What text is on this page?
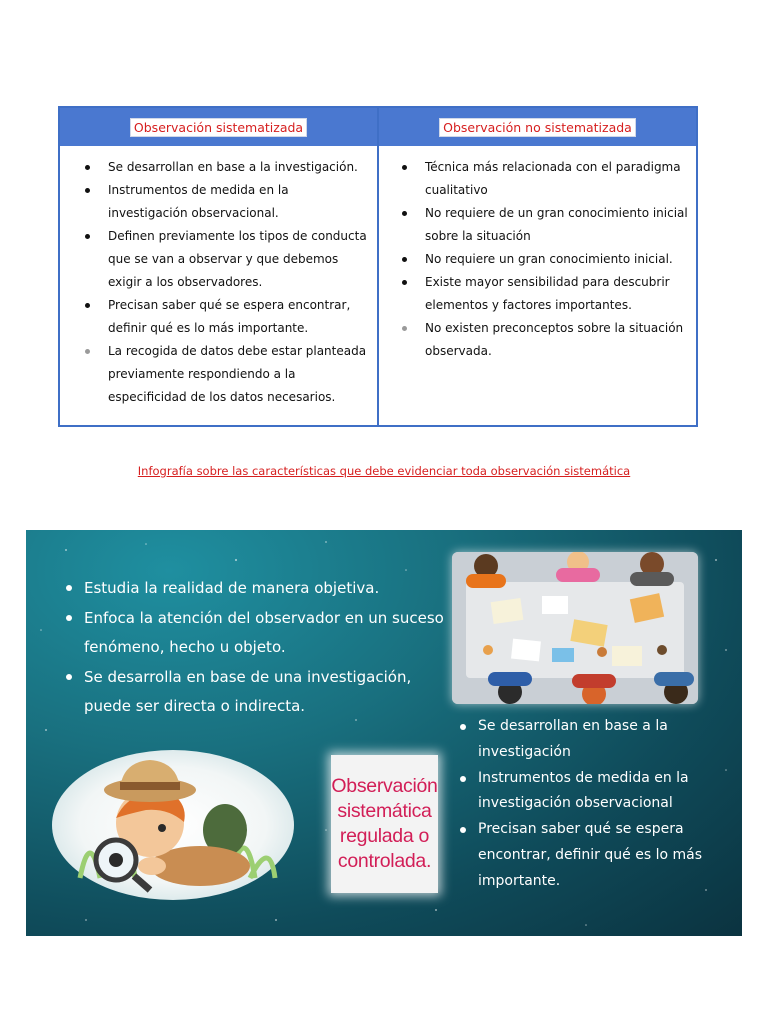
Observación sistematizada
Se desarrollan en base a la investigación.
Instrumentos de medida en la investigación observacional.
Definen previamente los tipos de conducta que se van a observar y que debemos exigir a los observadores.
Precisan saber qué se espera encontrar, definir qué es lo más importante.
La recogida de datos debe estar planteada previamente respondiendo a la especificidad de los datos necesarios.
Observación no sistematizada
Técnica más relacionada con el paradigma cualitativo
No requiere de un gran conocimiento inicial sobre la situación
No requiere un gran conocimiento inicial.
Existe mayor sensibilidad para descubrir elementos y factores importantes.
No existen preconceptos sobre la situación observada.
Infografía sobre las características que debe evidenciar toda observación sistemática
Estudia la realidad de manera objetiva.
Enfoca la atención del observador en un suceso fenómeno, hecho u objeto.
Se desarrolla en base de una investigación, puede ser directa o indirecta.
Observación sistemática regulada o controlada.
Se desarrollan en base a la investigación
Instrumentos de medida en la investigación observacional
Precisan saber qué se espera encontrar, definir qué es lo más importante.
